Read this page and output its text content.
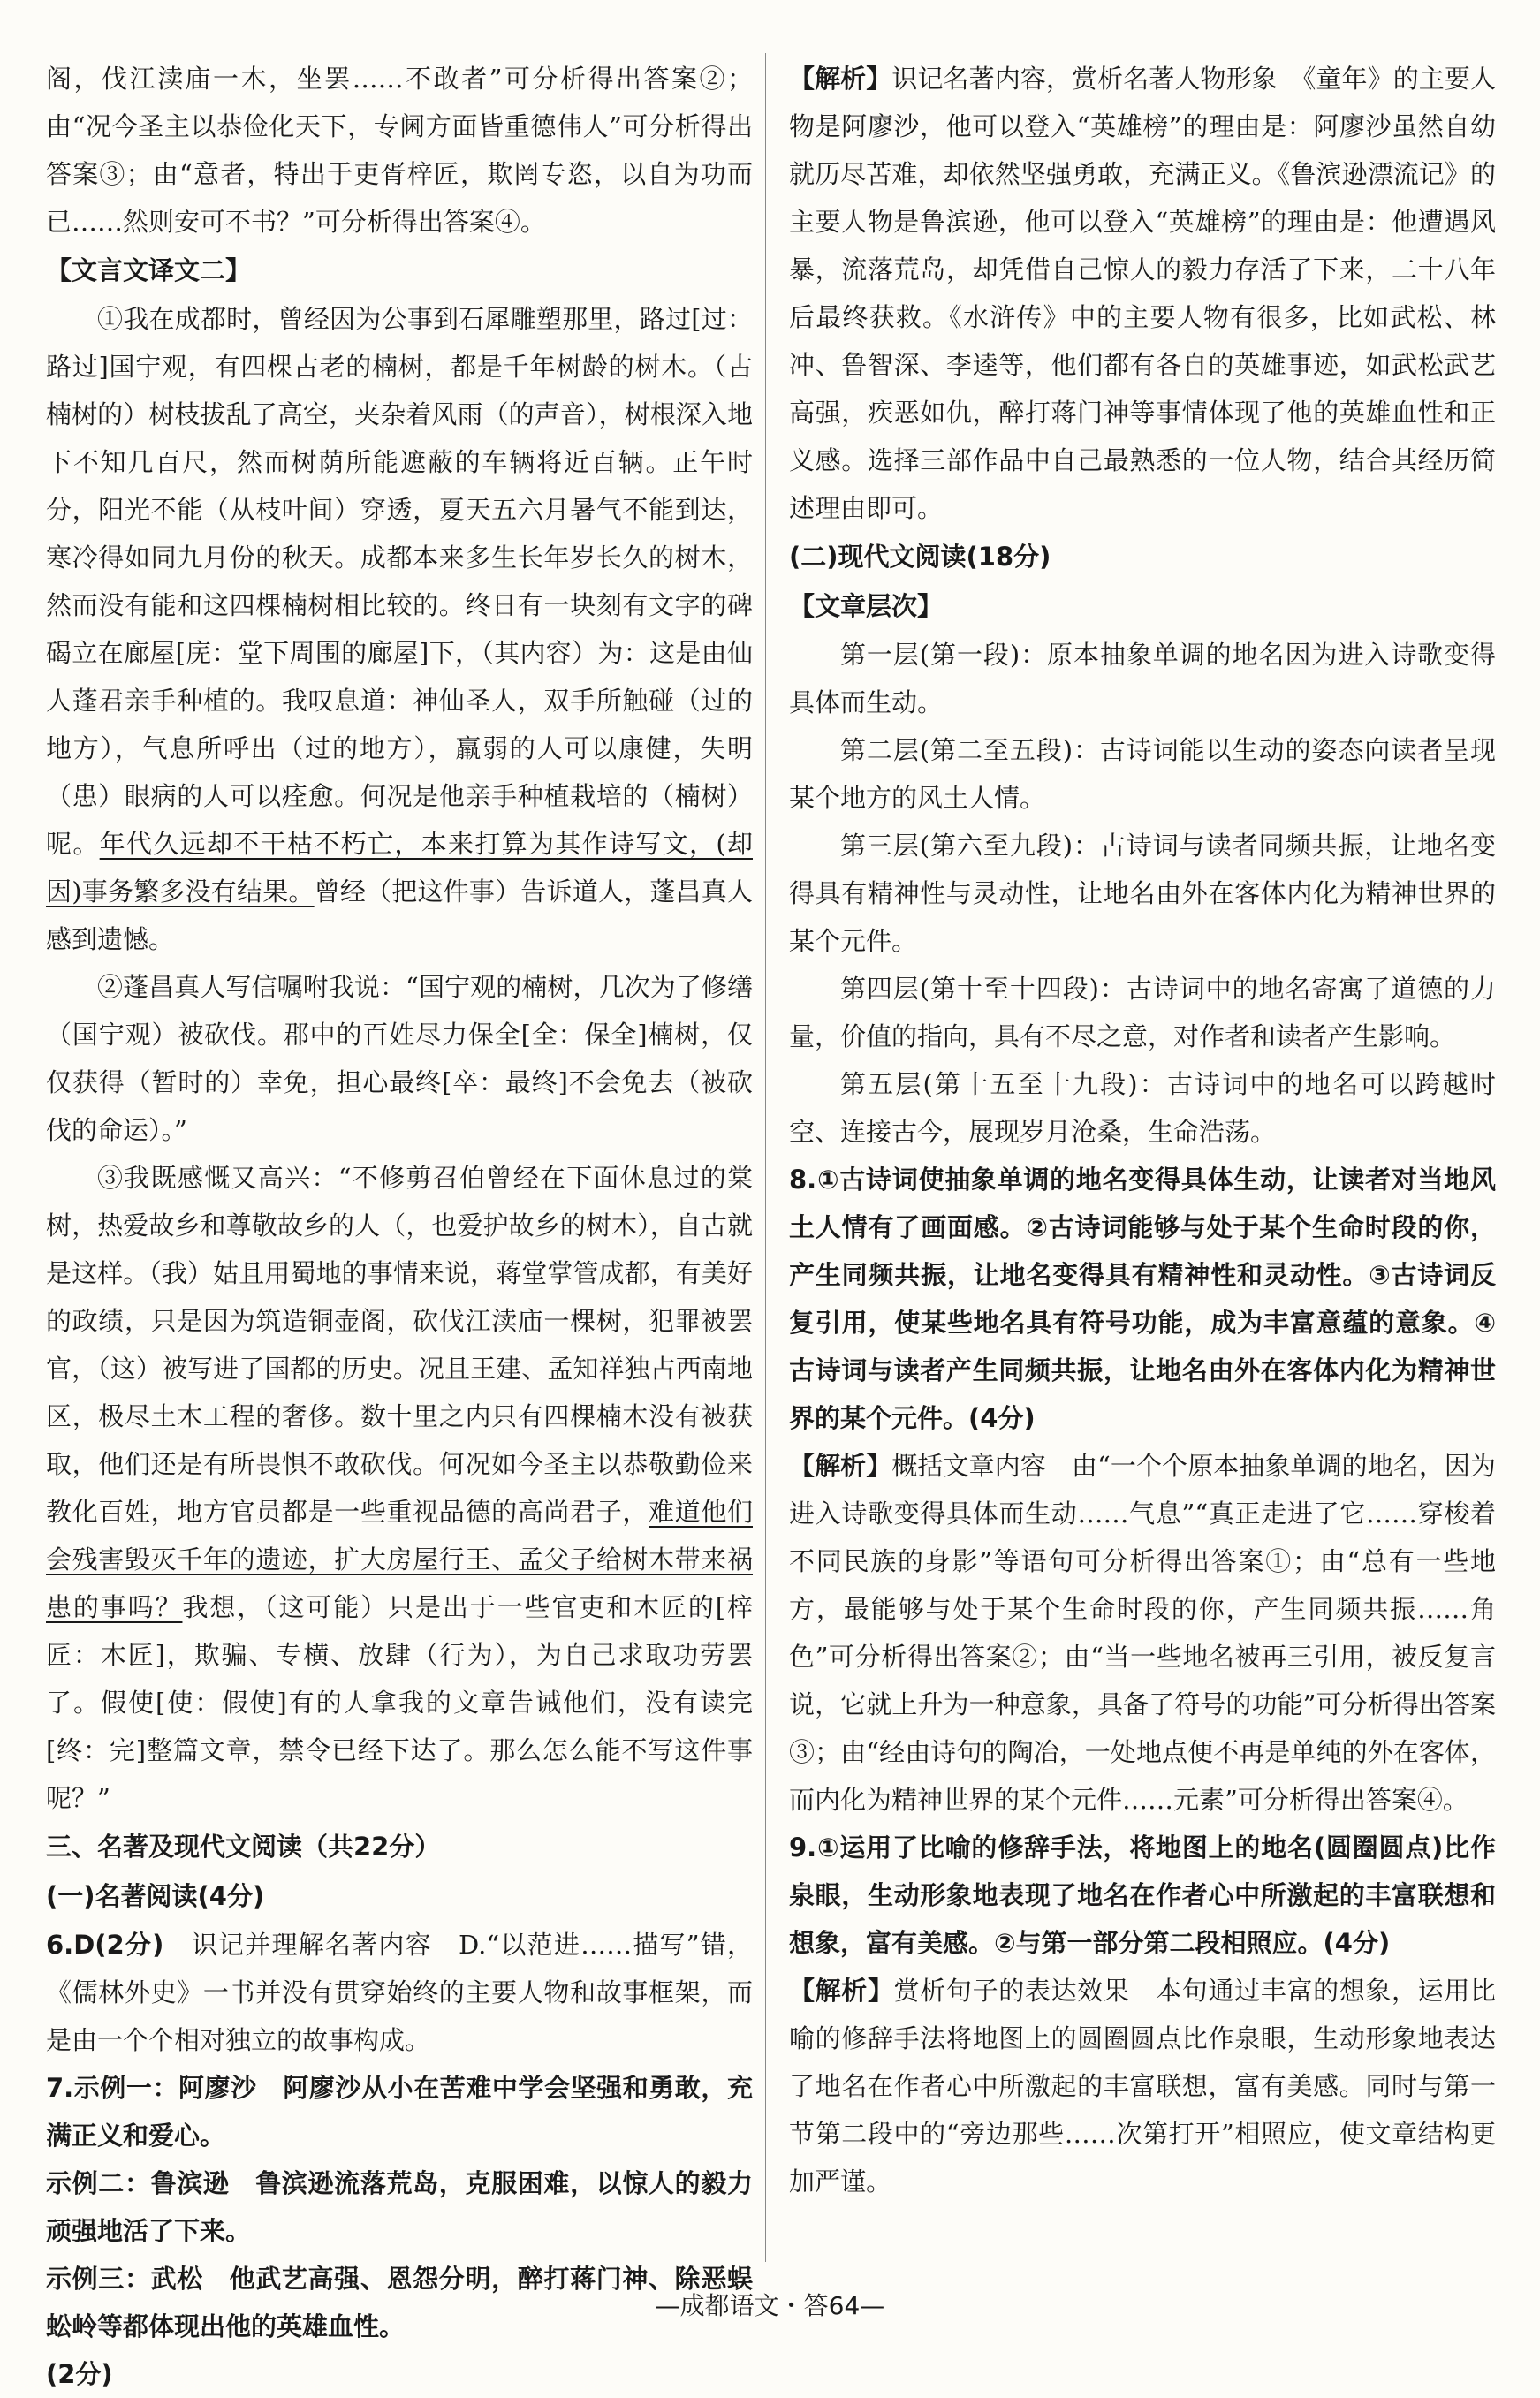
阁，伐江渎庙一木，坐罢……不敢者”可分析得出答案②；由“况今圣主以恭俭化天下，专阃方面皆重德伟人”可分析得出答案③；由“意者，特出于吏胥梓匠，欺罔专恣，以自为功而已……然则安可不书？”可分析得出答案④。

【文言文译文二】

①我在成都时，曾经因为公事到石犀雕塑那里，路过[过：路过]国宁观，有四棵古老的楠树，都是千年树龄的树木。（古楠树的）树枝拔乱了高空，夹杂着风雨（的声音），树根深入地下不知几百尺，然而树荫所能遮蔽的车辆将近百辆。正午时分，阳光不能（从枝叶间）穿透，夏天五六月暑气不能到达，寒冷得如同九月份的秋天。成都本来多生长年岁长久的树木，然而没有能和这四棵楠树相比较的。终日有一块刻有文字的碑碣立在廊屋[庑：堂下周围的廊屋]下，（其内容）为：这是由仙人蓬君亲手种植的。我叹息道：神仙圣人，双手所触碰（过的地方），气息所呼出（过的地方），羸弱的人可以康健，失明（患）眼病的人可以痊愈。何况是他亲手种植栽培的（楠树）呢。年代久远却不干枯不朽亡，本来打算为其作诗写文，(却因)事务繁多没有结果。曾经（把这件事）告诉道人，蓬昌真人感到遗憾。

②蓬昌真人写信嘱咐我说：“国宁观的楠树，几次为了修缮（国宁观）被砍伐。郡中的百姓尽力保全[全：保全]楠树，仅仅获得（暂时的）幸免，担心最终[卒：最终]不会免去（被砍伐的命运）。”

③我既感慨又高兴：“不修剪召伯曾经在下面休息过的棠树，热爱故乡和尊敬故乡的人（，也爱护故乡的树木），自古就是这样。（我）姑且用蜀地的事情来说，蒋堂掌管成都，有美好的政绩，只是因为筑造铜壶阁，砍伐江渎庙一棵树，犯罪被罢官，（这）被写进了国都的历史。况且王建、孟知祥独占西南地区，极尽土木工程的奢侈。数十里之内只有四棵楠木没有被获取，他们还是有所畏惧不敢砍伐。何况如今圣主以恭敬勤俭来教化百姓，地方官员都是一些重视品德的高尚君子，难道他们会残害毁灭千年的遗迹，扩大房屋行王、孟父子给树木带来祸患的事吗？我想，（这可能）只是出于一些官吏和木匠的[梓匠：木匠]，欺骗、专横、放肆（行为），为自己求取功劳罢了。假使[使：假使]有的人拿我的文章告诫他们，没有读完[终：完]整篇文章，禁令已经下达了。那么怎么能不写这件事呢？”

三、名著及现代文阅读（共22分）

(一)名著阅读(4分)

6.D(2分)　 识记并理解名著内容　D.“以范进……描写”错，《儒林外史》一书并没有贯穿始终的主要人物和故事框架，而是由一个个相对独立的故事构成。

7.示例一：阿廖沙　阿廖沙从小在苦难中学会坚强和勇敢，充满正义和爱心。

示例二：鲁滨逊　鲁滨逊流落荒岛，克服困难，以惊人的毅力顽强地活了下来。

示例三：武松　他武艺高强、恩怨分明，醉打蒋门神、除恶蜈蚣岭等都体现出他的英雄血性。

(2分)

【解析】识记名著内容，赏析名著人物形象　《童年》的主要人物是阿廖沙，他可以登入“英雄榜”的理由是：阿廖沙虽然自幼就历尽苦难，却依然坚强勇敢，充满正义。《鲁滨逊漂流记》的主要人物是鲁滨逊，他可以登入“英雄榜”的理由是：他遭遇风暴，流落荒岛，却凭借自己惊人的毅力存活了下来，二十八年后最终获救。《水浒传》中的主要人物有很多，比如武松、林冲、鲁智深、李逵等，他们都有各自的英雄事迹，如武松武艺高强，疾恶如仇，醉打蒋门神等事情体现了他的英雄血性和正义感。选择三部作品中自己最熟悉的一位人物，结合其经历简述理由即可。

(二)现代文阅读(18分)

【文章层次】

第一层(第一段)：原本抽象单调的地名因为进入诗歌变得具体而生动。

第二层(第二至五段)：古诗词能以生动的姿态向读者呈现某个地方的风土人情。

第三层(第六至九段)：古诗词与读者同频共振，让地名变得具有精神性与灵动性，让地名由外在客体内化为精神世界的某个元件。

第四层(第十至十四段)：古诗词中的地名寄寓了道德的力量，价值的指向，具有不尽之意，对作者和读者产生影响。

第五层(第十五至十九段)：古诗词中的地名可以跨越时空、连接古今，展现岁月沧桑，生命浩荡。

8.①古诗词使抽象单调的地名变得具体生动，让读者对当地风土人情有了画面感。②古诗词能够与处于某个生命时段的你，产生同频共振，让地名变得具有精神性和灵动性。③古诗词反复引用，使某些地名具有符号功能，成为丰富意蕴的意象。④古诗词与读者产生同频共振，让地名由外在客体内化为精神世界的某个元件。(4分)

【解析】概括文章内容　由“一个个原本抽象单调的地名，因为进入诗歌变得具体而生动……气息”“真正走进了它……穿梭着不同民族的身影”等语句可分析得出答案①；由“总有一些地方，最能够与处于某个生命时段的你，产生同频共振……角色”可分析得出答案②；由“当一些地名被再三引用，被反复言说，它就上升为一种意象，具备了符号的功能”可分析得出答案③；由“经由诗句的陶冶，一处地点便不再是单纯的外在客体，而内化为精神世界的某个元件……元素”可分析得出答案④。

9.①运用了比喻的修辞手法，将地图上的地名(圆圈圆点)比作泉眼，生动形象地表现了地名在作者心中所激起的丰富联想和想象，富有美感。②与第一部分第二段相照应。(4分)

【解析】赏析句子的表达效果　本句通过丰富的想象，运用比喻的修辞手法将地图上的圆圈圆点比作泉眼，生动形象地表达了地名在作者心中所激起的丰富联想，富有美感。同时与第一节第二段中的“旁边那些……次第打开”相照应，使文章结构更加严谨。

—成都语文・答64—
